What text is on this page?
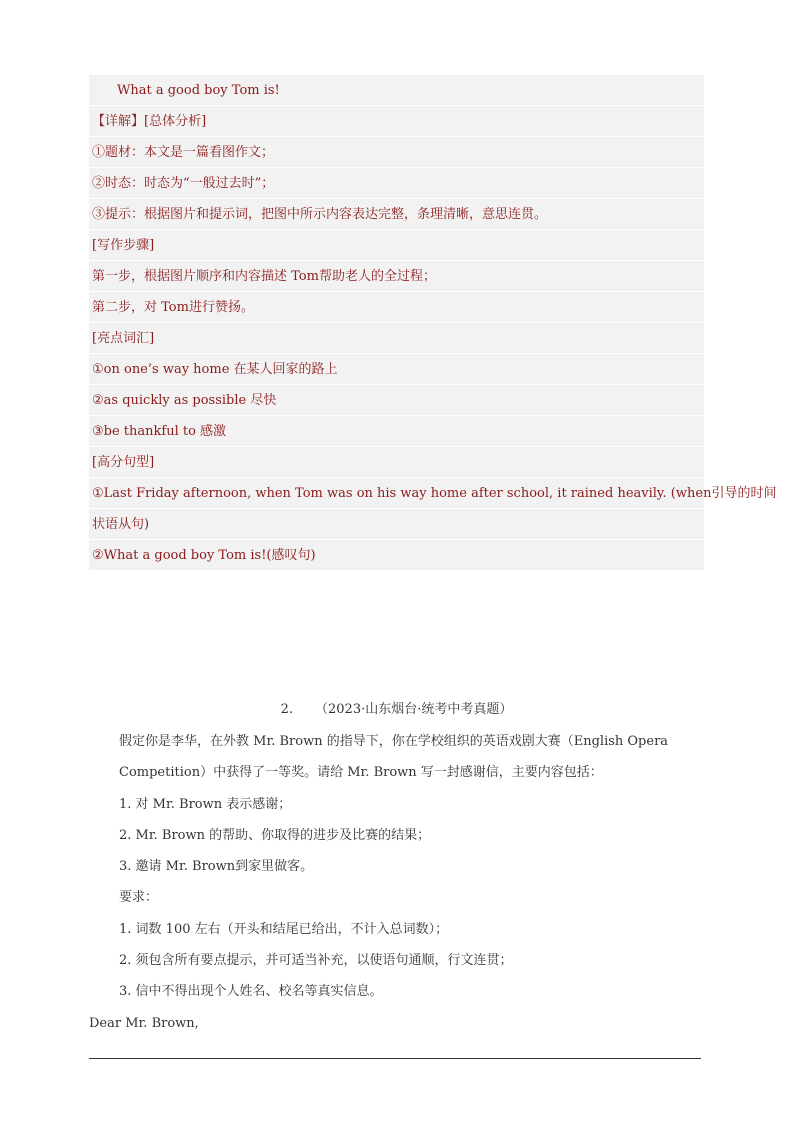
What a good boy Tom is!
【详解】[总体分析]
①题材：本文是一篇看图作文；
②时态：时态为“一般过去时”；
③提示：根据图片和提示词，把图中所示内容表达完整，条理清晰，意思连贯。
[写作步骤]
第一步，根据图片顺序和内容描述 Tom帮助老人的全过程；
第二步，对 Tom进行赞扬。
[亮点词汇]
①on one’s way home 在某人回家的路上
②as quickly as possible 尽快
③be thankful to 感激
[高分句型]
①Last Friday afternoon, when Tom was on his way home after school, it rained heavily. (when引导的时间
状语从句)
②What a good boy Tom is!(感叹句)
2. （2023·山东烟台·统考中考真题）
假定你是李华，在外教 Mr. Brown 的指导下，你在学校组织的英语戏剧大赛（English Opera
Competition）中获得了一等奖。请给 Mr. Brown 写一封感谢信，主要内容包括：
1. 对 Mr. Brown 表示感谢；
2. Mr. Brown 的帮助、你取得的进步及比赛的结果；
3. 邀请 Mr. Brown到家里做客。
要求：
1. 词数 100 左右（开头和结尾已给出，不计入总词数）；
2. 须包含所有要点提示，并可适当补充，以使语句通顺，行文连贯；
3. 信中不得出现个人姓名、校名等真实信息。
Dear Mr. Brown,
